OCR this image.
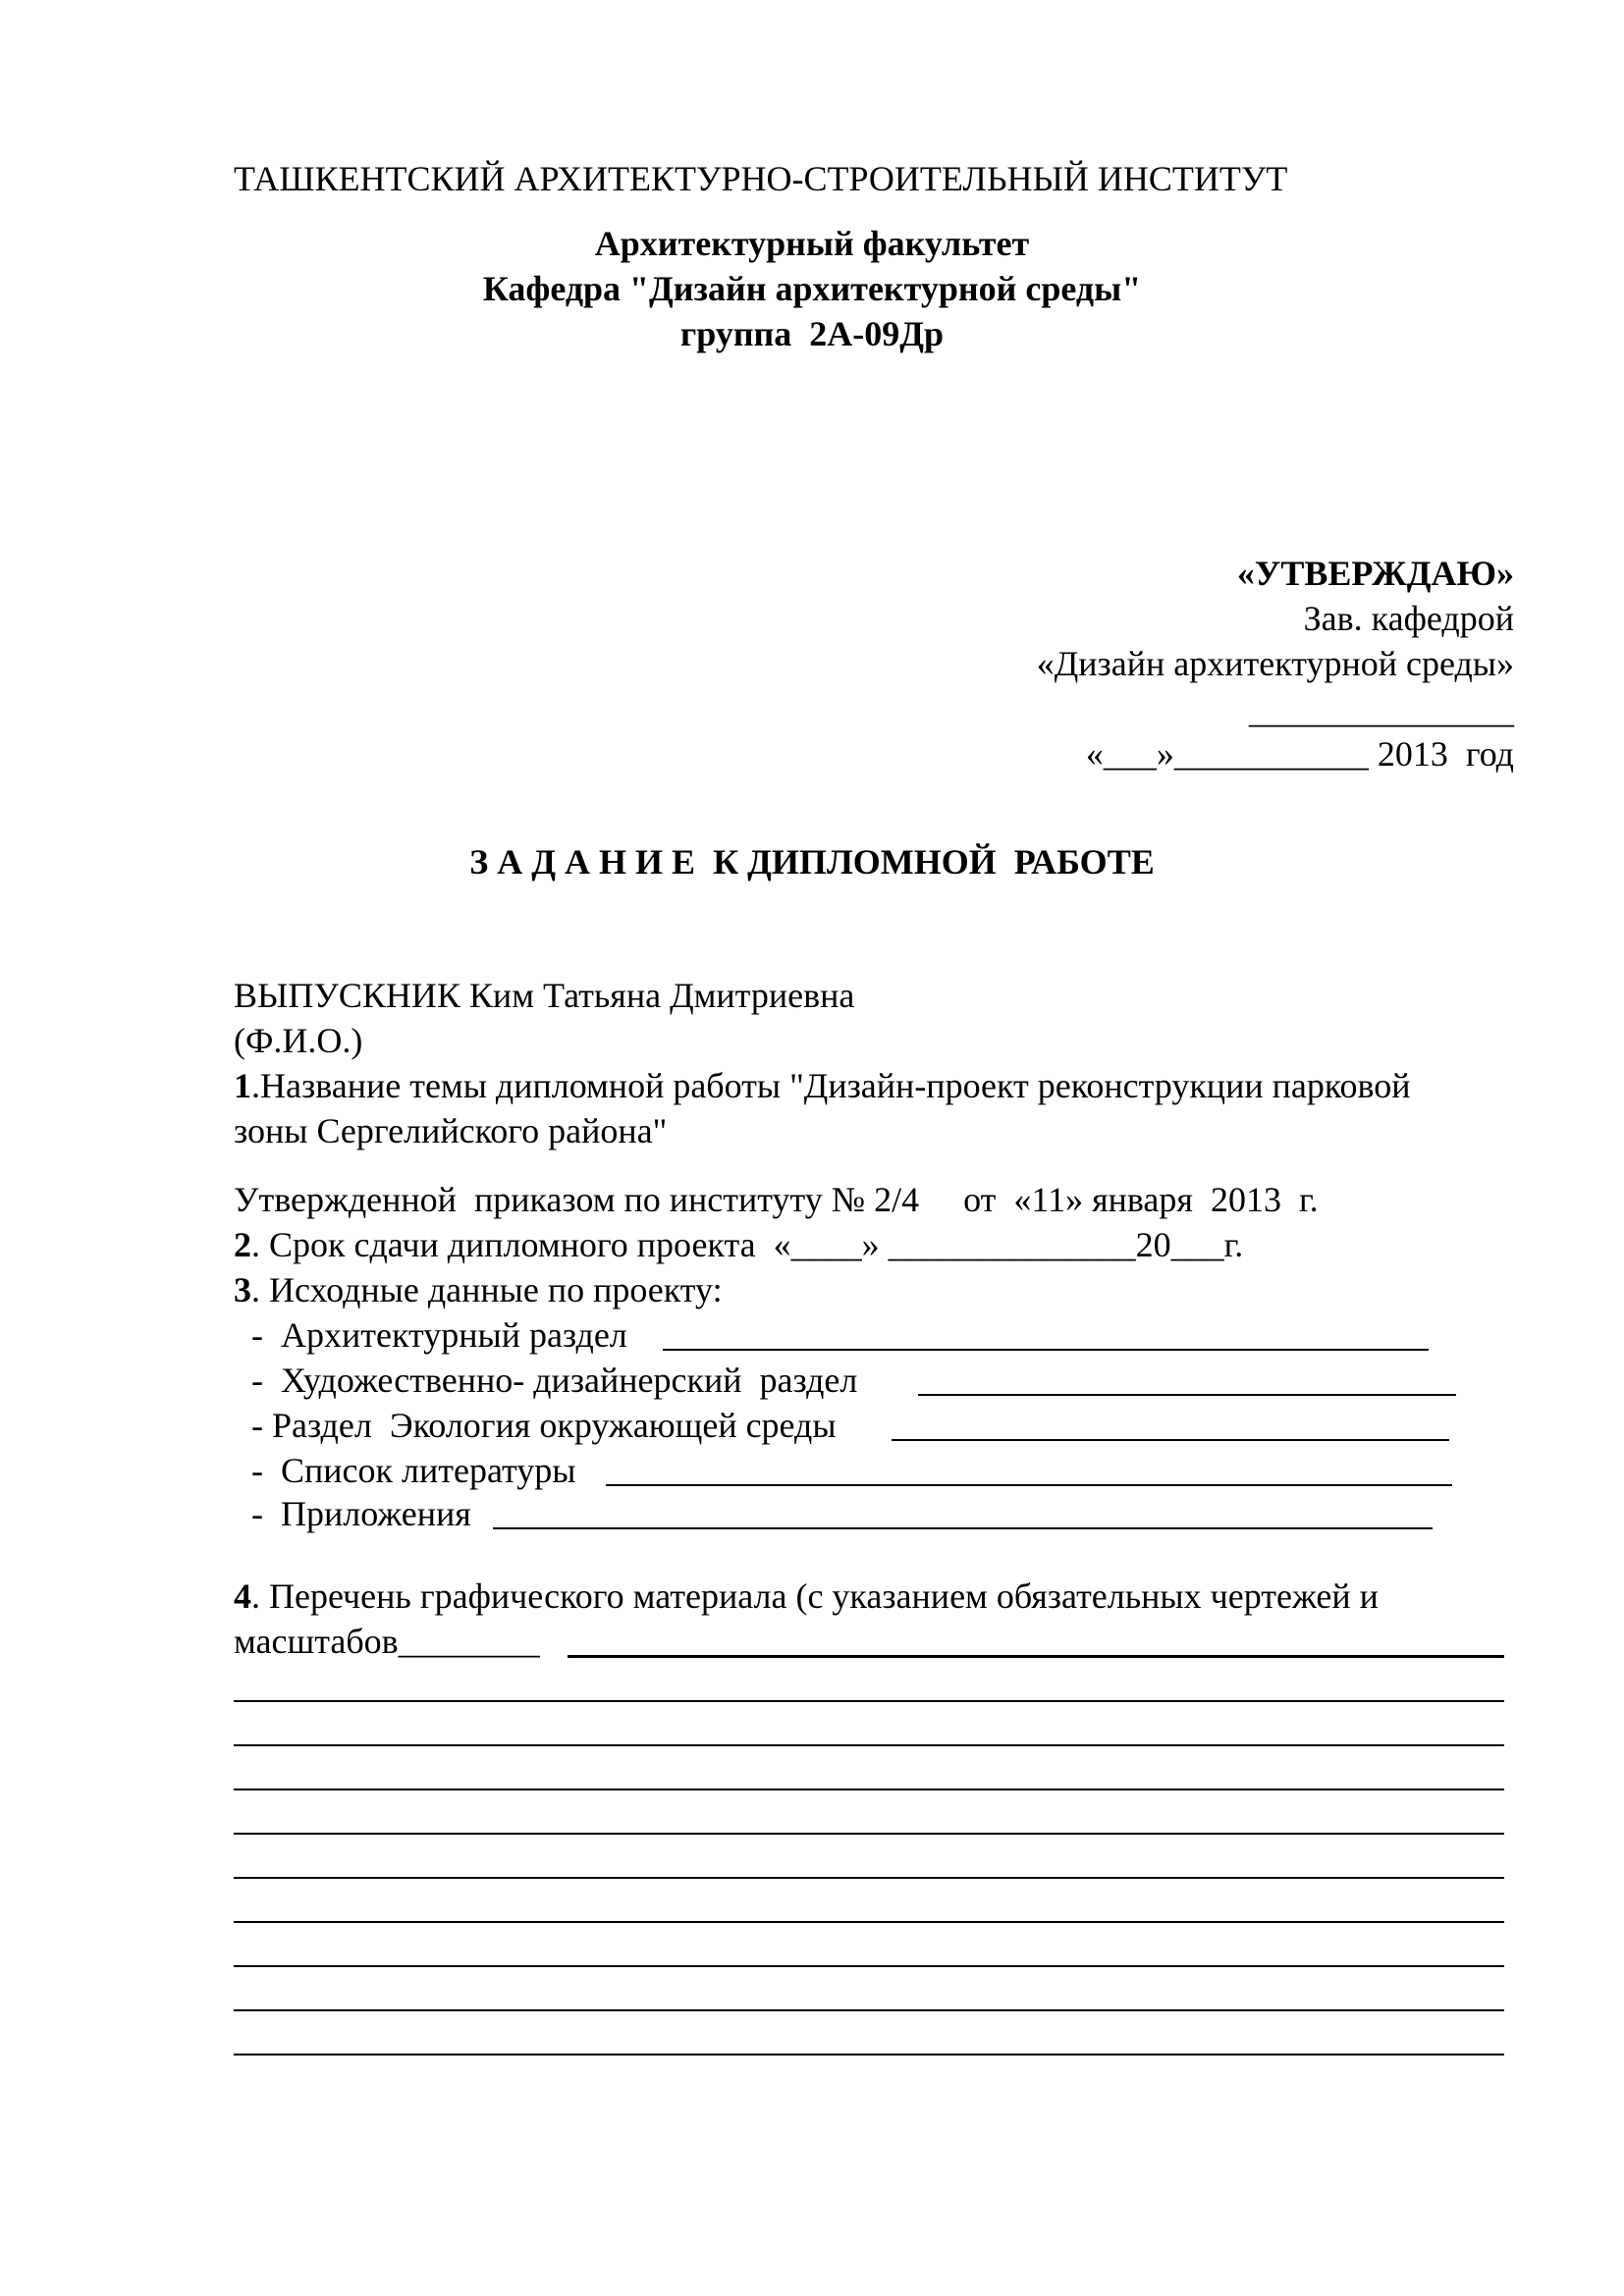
ТАШКЕНТСКИЙ АРХИТЕКТУРНО-СТРОИТЕЛЬНЫЙ ИНСТИТУТ
Архитектурный факультет
Кафедра "Дизайн архитектурной среды"
группа  2А-09Др
«УТВЕРЖДАЮ»
Зав. кафедрой
«Дизайн архитектурной среды»
_______________
«___»___________ 2013  год
З А Д А Н И Е  К ДИПЛОМНОЙ  РАБОТЕ
ВЫПУСКНИК Ким Татьяна Дмитриевна
(Ф.И.О.)
1.Название темы дипломной работы "Дизайн-проект реконструкции парковой
зоны Сергелийского района"
Утвержденной  приказом по институту № 2/4     от  «11» января  2013  г.
2. Срок сдачи дипломного проекта  «____» ______________20___г.
3. Исходные данные по проекту:
-  Архитектурный раздел
-  Художественно- дизайнерский  раздел
- Раздел  Экология окружающей среды
-  Список литературы
-  Приложения
4. Перечень графического материала (с указанием обязательных чертежей и
масштабов________
